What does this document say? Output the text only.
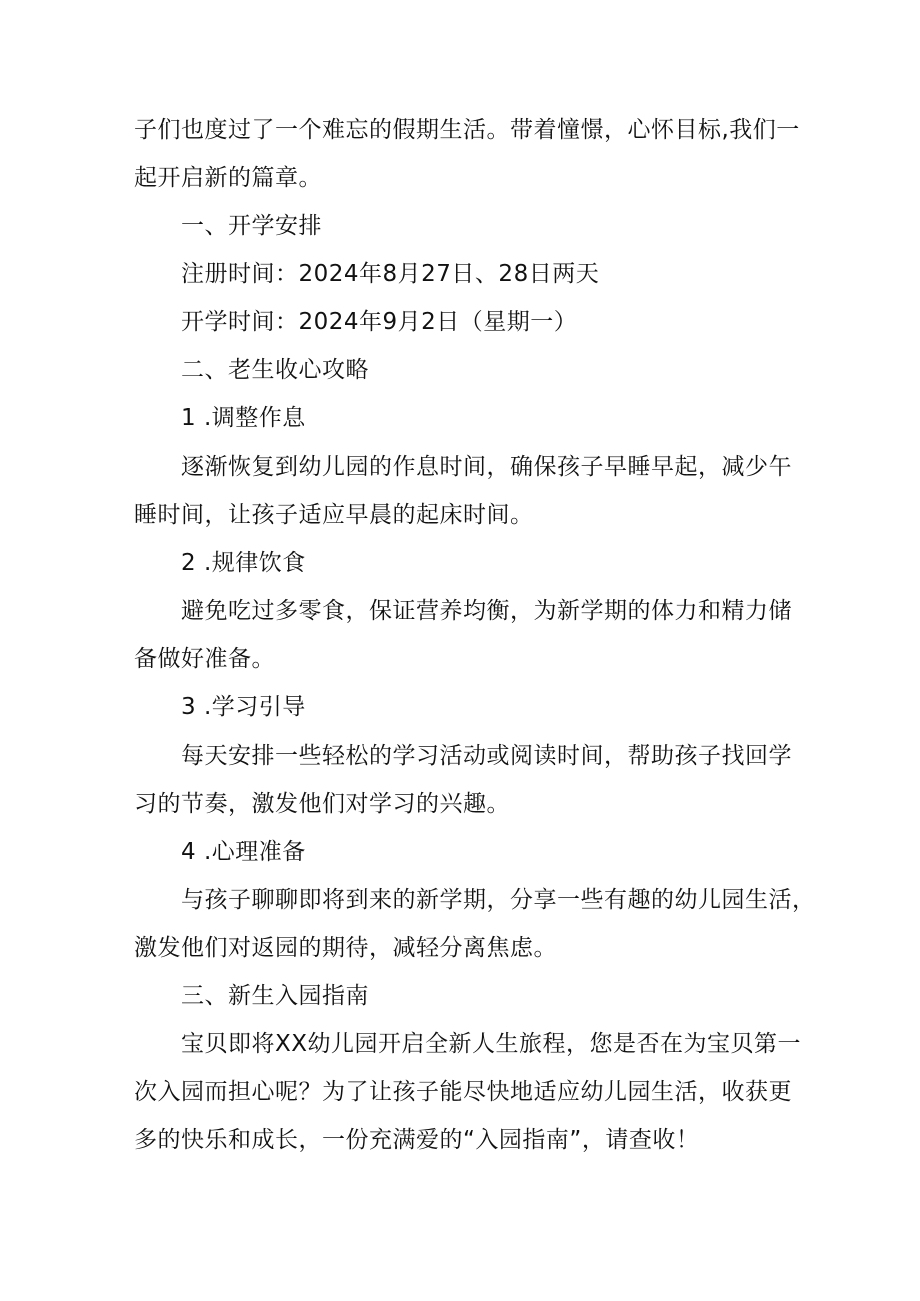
子们也度过了一个难忘的假期生活。带着憧憬，心怀目标,我们一
起开启新的篇章。
一、开学安排
注册时间：2024年8月27日、28日两天
开学时间：2024年9月2日（星期一）
二、老生收心攻略
1 .调整作息
逐渐恢复到幼儿园的作息时间，确保孩子早睡早起，减少午
睡时间，让孩子适应早晨的起床时间。
2 .规律饮食
避免吃过多零食，保证营养均衡，为新学期的体力和精力储
备做好准备。
3 .学习引导
每天安排一些轻松的学习活动或阅读时间，帮助孩子找回学
习的节奏，激发他们对学习的兴趣。
4 .心理准备
与孩子聊聊即将到来的新学期，分享一些有趣的幼儿园生活，
激发他们对返园的期待，减轻分离焦虑。
三、新生入园指南
宝贝即将XX幼儿园开启全新人生旅程，您是否在为宝贝第一
次入园而担心呢？为了让孩子能尽快地适应幼儿园生活，收获更
多的快乐和成长，一份充满爱的“入园指南”，请查收！
